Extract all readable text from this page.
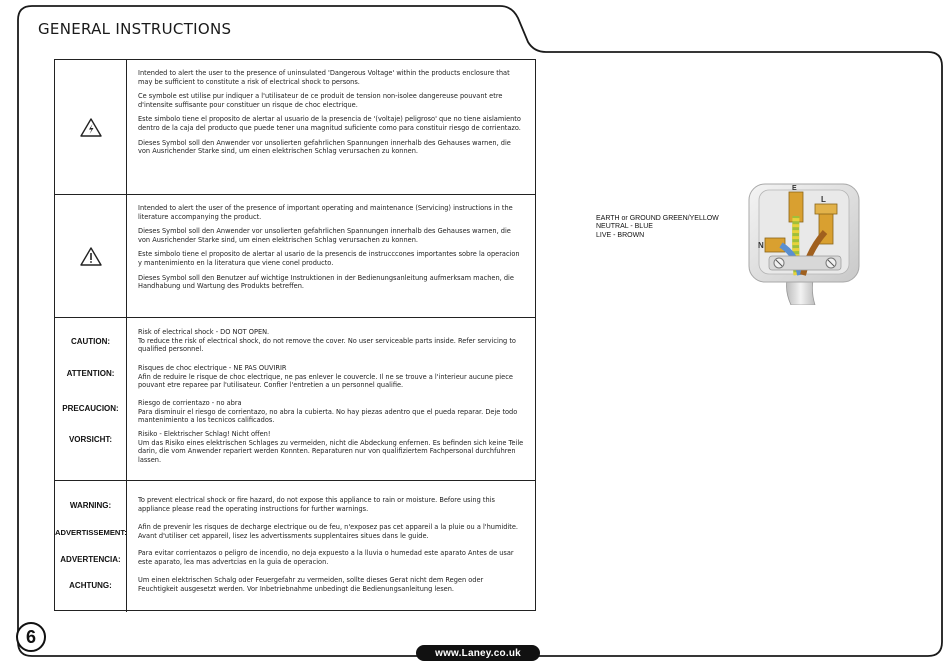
GENERAL INSTRUCTIONS

Intended to alert the user to the presence of uninsulated 'Dangerous Voltage' within the products enclosure that may be sufficient to constitute a risk of electrical shock to persons.

Ce symbole est utilise pur indiquer a l'utilisateur de ce produit de tension non-isolee dangereuse pouvant etre d'intensite suffisante pour constituer un risque de choc electrique.

Este simbolo tiene el proposito de alertar al usuario de la presencia de '(voltaje) peligroso' que no tiene aislamiento dentro de la caja del producto que puede tener una magnitud suficiente como para constituir riesgo de corrientazo.

Dieses Symbol soll den Anwender vor unsolierten gefahrlichen Spannungen innerhalb des Gehauses warnen, die von Ausrichender Starke sind, um einen elektrischen Schlag verursachen zu konnen.

Intended to alert the user of the presence of important operating and maintenance (Servicing) instructions in the literature accompanying the product.

Dieses Symbol soll den Anwender vor unsolierten gefahrlichen Spannungen innerhalb des Gehauses warnen, die von Ausrichender Starke sind, um einen elektrischen Schlag verursachen zu konnen.

Este simbolo tiene el proposito de alertar al usario de la presencis de instrucccones importantes sobre la operacion y mantenimiento en la literatura que viene conel producto.

Dieses Symbol soll den Benutzer auf wichtige Instruktionen in der Bedienungsanleitung aufmerksam machen, die Handhabung und Wartung des Produkts betreffen.

CAUTION:
Risk of electrical shock - DO NOT OPEN.
To reduce the risk of electrical shock, do not remove the cover. No user serviceable parts inside. Refer servicing to qualified personnel.
ATTENTION:
Risques de choc electrique - NE PAS OUVIRIR
Afin de reduire le risque de choc electrique, ne pas enlever le couvercle. Il ne se trouve a l'interieur aucune piece pouvant etre reparee par l'utilisateur. Confier l'entretien a un personnel qualifie.
PRECAUCION:
Riesgo de corrientazo - no abra
Para disminuir el riesgo de corrientazo, no abra la cubierta. No hay piezas adentro que el pueda reparar. Deje todo mantenimiento a los tecnicos calificados.
VORSICHT:
Risiko - Elektrischer Schlag! Nicht offen!
Um das Risiko eines elektrischen Schlages zu vermeiden, nicht die Abdeckung enfernen. Es befinden sich keine Teile darin, die vom Anwender repariert werden Konnten. Reparaturen nur von qualifiziertem Fachpersonal durchfuhren lassen.
WARNING:
To prevent electrical shock or fire hazard, do not expose this appliance to rain or moisture. Before using this appliance please read the operating instructions for further warnings.
ADVERTISSEMENT:
Afin de prevenir les risques de decharge electrique ou de feu, n'exposez pas cet appareil a la pluie ou a l'humidite. Avant d'utiliser cet appareil, lisez les advertissments supplentaires situes dans le guide.
ADVERTENCIA:
Para evitar corrientazos o peligro de incendio, no deja expuesto a la lluvia o humedad este aparato Antes de usar este aparato, lea mas advertcias en la guia de operacion.
ACHTUNG:
Um einen elektrischen Schalg oder Feuergefahr zu vermeiden, sollte dieses Gerat nicht dem Regen oder Feuchtigkeit ausgesetzt werden. Vor Inbetriebnahme unbedingt die Bedienungsanleitung lesen.
EARTH or GROUND GREEN/YELLOW
NEUTRAL - BLUE
LIVE - BROWN
E
L
N
6
www.Laney.co.uk
